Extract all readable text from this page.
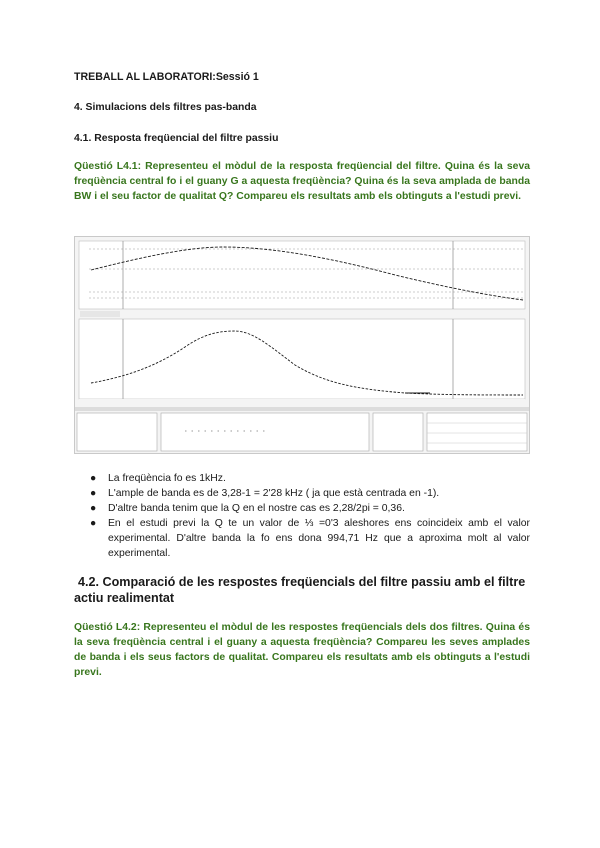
TREBALL AL LABORATORI:Sessió 1
4. Simulacions dels filtres pas-banda
4.1. Resposta freqüencial del filtre passiu
Qüestió L4.1: Representeu el mòdul de la resposta freqüencial del filtre. Quina és la seva freqüència central fo i el guany G a aquesta freqüència? Quina és la seva amplada de banda BW i el seu factor de qualitat Q? Compareu els resultats amb els obtinguts a l'estudi previ.
● La freqüència fo es 1kHz.
● L'ample de banda es de 3,28-1 = 2'28 kHz ( ja que està centrada en -1).
● D'altre banda tenim que la Q en el nostre cas es 2,28/2pi = 0,36.
● En el estudi previ la Q te un valor de ⅓ =0'3 aleshores ens coincideix amb el valor experimental. D'altre banda la fo ens dona 994,71 Hz que a aproxima molt al valor experimental.
4.2. Comparació de les respostes freqüencials del filtre passiu amb el filtre actiu realimentat
Qüestió L4.2: Representeu el mòdul de les respostes freqüencials dels dos filtres. Quina és la seva freqüència central i el guany a aquesta freqüència? Compareu les seves amplades de banda i els seus factors de qualitat. Compareu els resultats amb els obtinguts a l'estudi previ.
